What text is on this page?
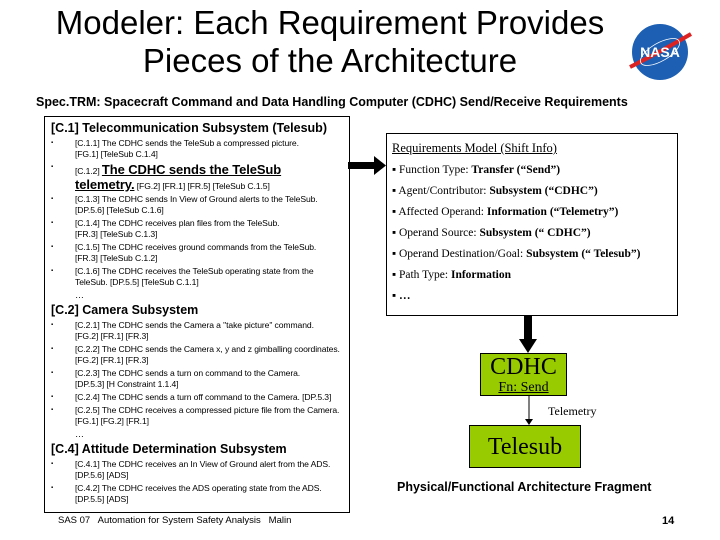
Modeler: Each Requirement Provides Pieces of the Architecture	NASA
Spec.TRM: Spacecraft Command and Data Handling Computer (CDHC) Send/Receive Requirements
[C.1] Telecommunication Subsystem (Telesub)
▪ [C.1.1] The CDHC sends the TeleSub a compressed picture. [FG.1] [TeleSub C.1.4]
▪ [C.1.2] The CDHC sends the TeleSub telemetry. [FG.2] [FR.1] [FR.5] [TeleSub C.1.5]
▪ [C.1.3] The CDHC sends In View of Ground alerts to the TeleSub. [DP.5.6] [TeleSub C.1.6]
▪ [C.1.4] The CDHC receives plan files from the TeleSub. [FR.3] [TeleSub C.1.3]
▪ [C.1.5] The CDHC receives ground commands from the TeleSub. [FR.3] [TeleSub C.1.2]
▪ [C.1.6] The CDHC receives the TeleSub operating state from the TeleSub. [DP.5.5] [TeleSub C.1.1]
…
[C.2] Camera Subsystem
▪ [C.2.1] The CDHC sends the Camera a "take picture" command. [FG.2] [FR.1] [FR.3]
▪ [C.2.2] The CDHC sends the Camera x, y and z gimballing coordinates. [FG.2] [FR.1] [FR.3]
▪ [C.2.3] The CDHC sends a turn on command to the Camera. [DP.5.3] [H Constraint 1.1.4]
▪ [C.2.4] The CDHC sends a turn off command to the Camera. [DP.5.3]
▪ [C.2.5] The CDHC receives a compressed picture file from the Camera. [FG.1] [FG.2] [FR.1]
…
[C.4] Attitude Determination Subsystem
▪ [C.4.1] The CDHC receives an In View of Ground alert from the ADS. [DP.5.6] [ADS]
▪ [C.4.2] The CDHC receives the ADS operating state from the ADS. [DP.5.5] [ADS]
Requirements Model (Shift Info)
▪ Function Type: Transfer (“Send”)
▪ Agent/Contributor: Subsystem (“CDHC”)
▪ Affected Operand: Information (“Telemetry”)
▪ Operand Source: Subsystem (“ CDHC”)
▪ Operand Destination/Goal: Subsystem (“ Telesub”)
▪ Path Type: Information
▪ …
CDHC
Fn: Send
Telemetry
Telesub
Physical/Functional Architecture Fragment
SAS 07   Automation for System Safety Analysis   Malin	14
